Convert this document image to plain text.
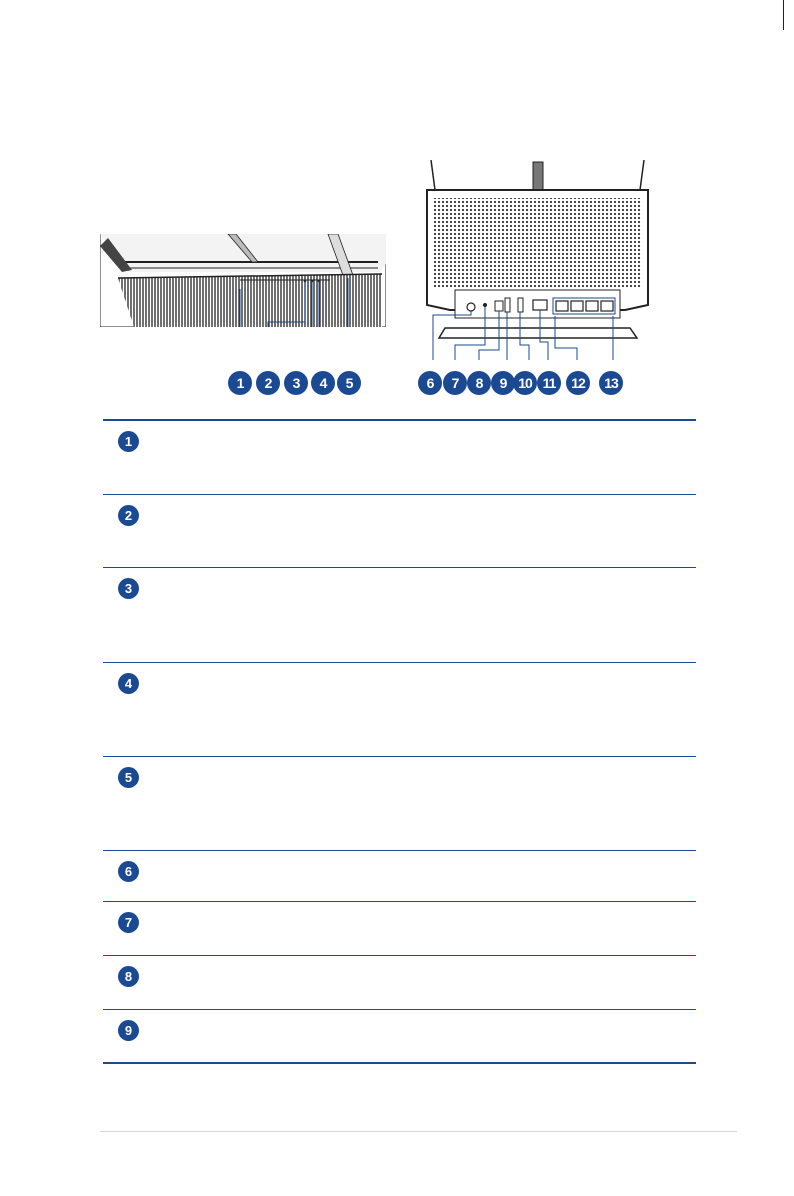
1	2	3	4	5	6	7	8	9 10 11	12	13
1
2
3
4
5
6
7
8
9
